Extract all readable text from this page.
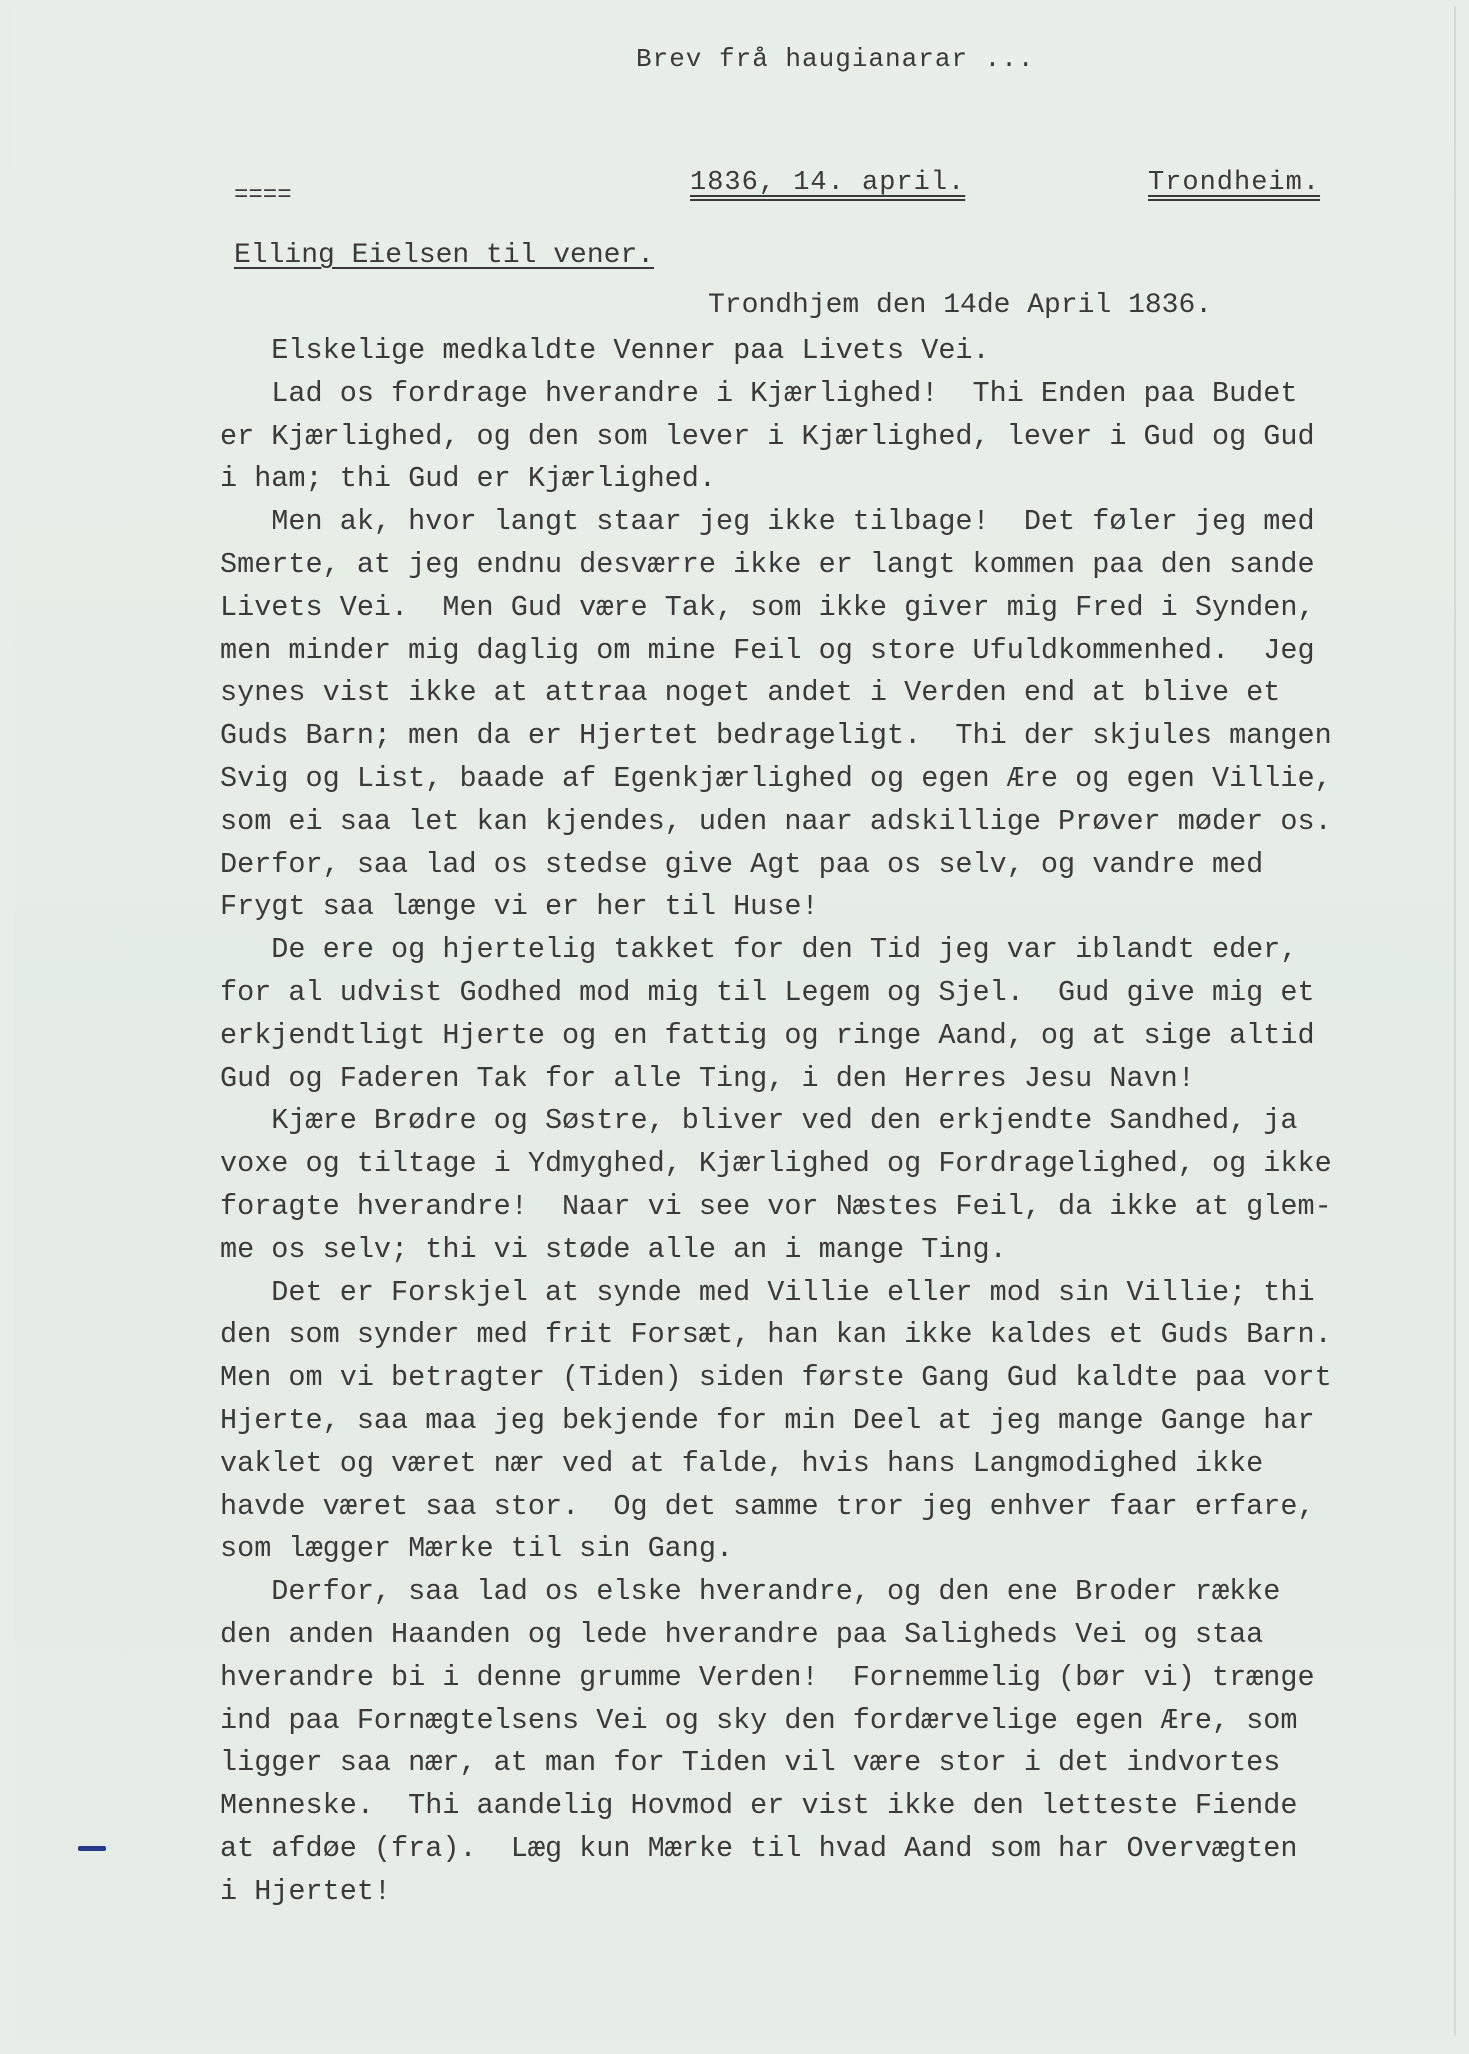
Brev frå haugianarar ...
====	1836, 14. april.	Trondheim.
Elling Eielsen til vener.
Trondhjem den 14de April 1836.
Elskelige medkaldte Venner paa Livets Vei.
Lad os fordrage hverandre i Kjærlighed!  Thi Enden paa Budet
er Kjærlighed, og den som lever i Kjærlighed, lever i Gud og Gud
i ham; thi Gud er Kjærlighed.
Men ak, hvor langt staar jeg ikke tilbage!  Det føler jeg med
Smerte, at jeg endnu desværre ikke er langt kommen paa den sande
Livets Vei.  Men Gud være Tak, som ikke giver mig Fred i Synden,
men minder mig daglig om mine Feil og store Ufuldkommenhed.  Jeg
synes vist ikke at attraa noget andet i Verden end at blive et
Guds Barn; men da er Hjertet bedrageligt.  Thi der skjules mangen
Svig og List, baade af Egenkjærlighed og egen Ære og egen Villie,
som ei saa let kan kjendes, uden naar adskillige Prøver møder os.
Derfor, saa lad os stedse give Agt paa os selv, og vandre med
Frygt saa længe vi er her til Huse!
De ere og hjertelig takket for den Tid jeg var iblandt eder,
for al udvist Godhed mod mig til Legem og Sjel.  Gud give mig et
erkjendtligt Hjerte og en fattig og ringe Aand, og at sige altid
Gud og Faderen Tak for alle Ting, i den Herres Jesu Navn!
Kjære Brødre og Søstre, bliver ved den erkjendte Sandhed, ja
voxe og tiltage i Ydmyghed, Kjærlighed og Fordragelighed, og ikke
foragte hverandre!  Naar vi see vor Næstes Feil, da ikke at glem-
me os selv; thi vi støde alle an i mange Ting.
Det er Forskjel at synde med Villie eller mod sin Villie; thi
den som synder med frit Forsæt, han kan ikke kaldes et Guds Barn.
Men om vi betragter (Tiden) siden første Gang Gud kaldte paa vort
Hjerte, saa maa jeg bekjende for min Deel at jeg mange Gange har
vaklet og været nær ved at falde, hvis hans Langmodighed ikke
havde været saa stor.  Og det samme tror jeg enhver faar erfare,
som lægger Mærke til sin Gang.
Derfor, saa lad os elske hverandre, og den ene Broder række
den anden Haanden og lede hverandre paa Saligheds Vei og staa
hverandre bi i denne grumme Verden!  Fornemmelig (bør vi) trænge
ind paa Fornægtelsens Vei og sky den fordærvelige egen Ære, som
ligger saa nær, at man for Tiden vil være stor i det indvortes
Menneske.  Thi aandelig Hovmod er vist ikke den letteste Fiende
at afdøe (fra).  Læg kun Mærke til hvad Aand som har Overvægten
i Hjertet!
